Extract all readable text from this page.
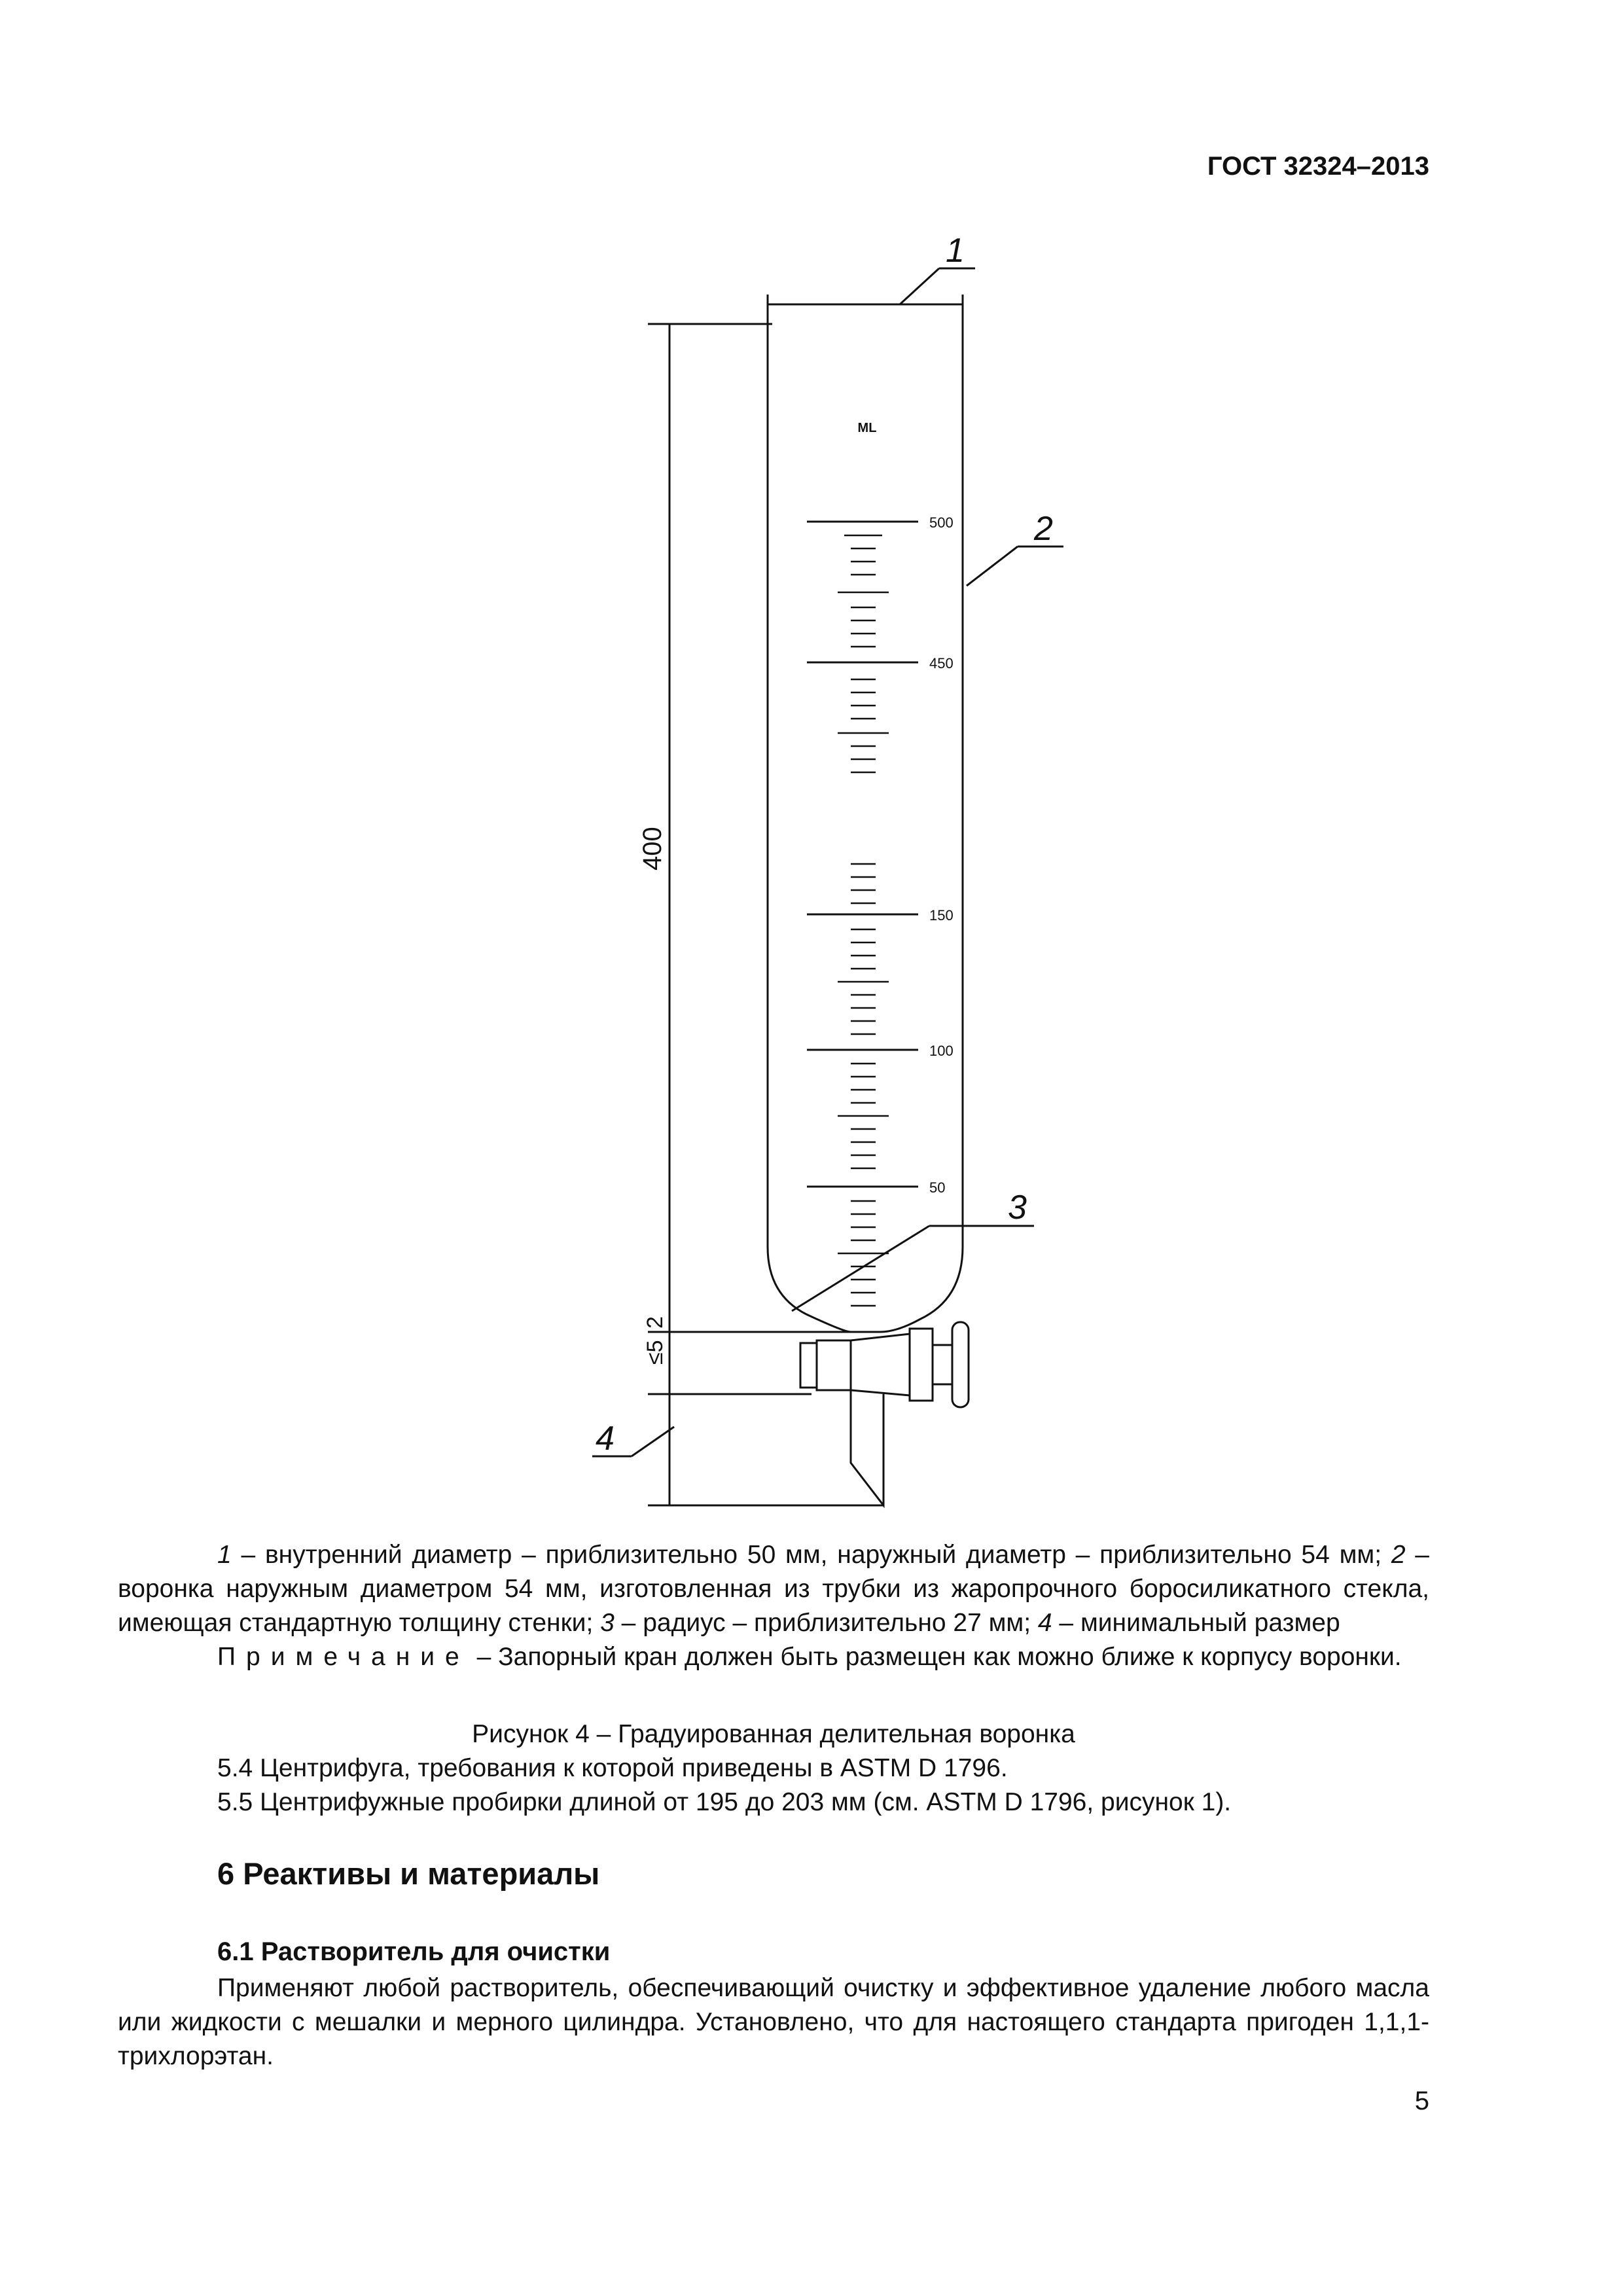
ГОСТ 32324–2013
ML
500
450
150
100
50
1
2
3
4
400
≤5
2

1 – внутренний диаметр – приблизительно 50 мм, наружный диаметр – приблизительно 54 мм; 2 – воронка наружным диаметром 54 мм, изготовленная из трубки из жаропрочного боросиликатного стекла, имеющая стандартную толщину стенки; 3 – радиус – приблизительно 27 мм; 4 – минимальный размер

Примечание – Запорный кран должен быть размещен как можно ближе к корпусу воронки.

Рисунок 4 – Градуированная делительная воронка
5.4 Центрифуга, требования к которой приведены в ASTM D 1796.
5.5 Центрифужные пробирки длиной от 195 до 203 мм (см. ASTM D 1796, рисунок 1).
6 Реактивы и материалы
6.1 Растворитель для очистки

Применяют любой растворитель, обеспечивающий очистку и эффективное удаление любого масла или жидкости с мешалки и мерного цилиндра. Установлено, что для настоящего стандарта пригоден 1,1,1-трихлорэтан.

5
